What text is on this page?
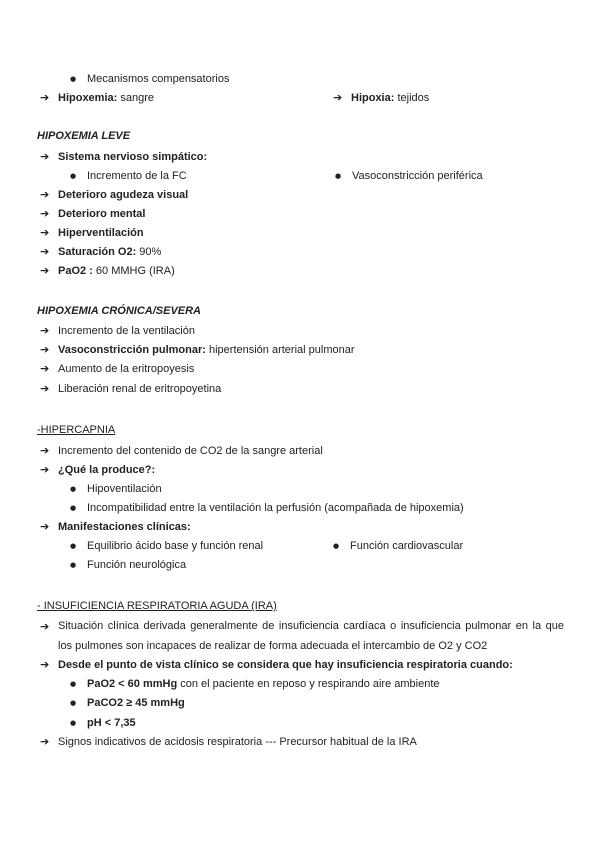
● Mecanismos compensatorios
➔ Hipoxemia: sangre	➔ Hipoxia: tejidos
HIPOXEMIA LEVE
➔ Sistema nervioso simpático:
● Incremento de la FC	● Vasoconstricción periférica
➔ Deterioro agudeza visual
➔ Deterioro mental
➔ Hiperventilación
➔ Saturación O2: 90%
➔ PaO2 : 60 MMHG (IRA)
HIPOXEMIA CRÓNICA/SEVERA
➔ Incremento de la ventilación
➔ Vasoconstricción pulmonar: hipertensión arterial pulmonar
➔ Aumento de la eritropoyesis
➔ Liberación renal de eritropoyetina
-HIPERCAPNIA
➔ Incremento del contenido de CO2 de la sangre arterial
➔ ¿Qué la produce?:
● Hipoventilación
● Incompatibilidad entre la ventilación la perfusión (acompañada de hipoxemia)
➔ Manifestaciones clínicas:
● Equilibrio ácido base y función renal	● Función cardiovascular
● Función neurológica
- INSUFICIENCIA RESPIRATORIA AGUDA (IRA)
➔ Situación clínica derivada generalmente de insuficiencia cardíaca o insuficiencia pulmonar en la que
los pulmones son incapaces de realizar de forma adecuada el intercambio de O2 y CO2
➔ Desde el punto de vista clínico se considera que hay insuficiencia respiratoria cuando:
● PaO2 < 60 mmHg con el paciente en reposo y respirando aire ambiente
● PaCO2 ≥ 45 mmHg
● pH < 7,35
➔ Signos indicativos de acidosis respiratoria --- Precursor habitual de la IRA
